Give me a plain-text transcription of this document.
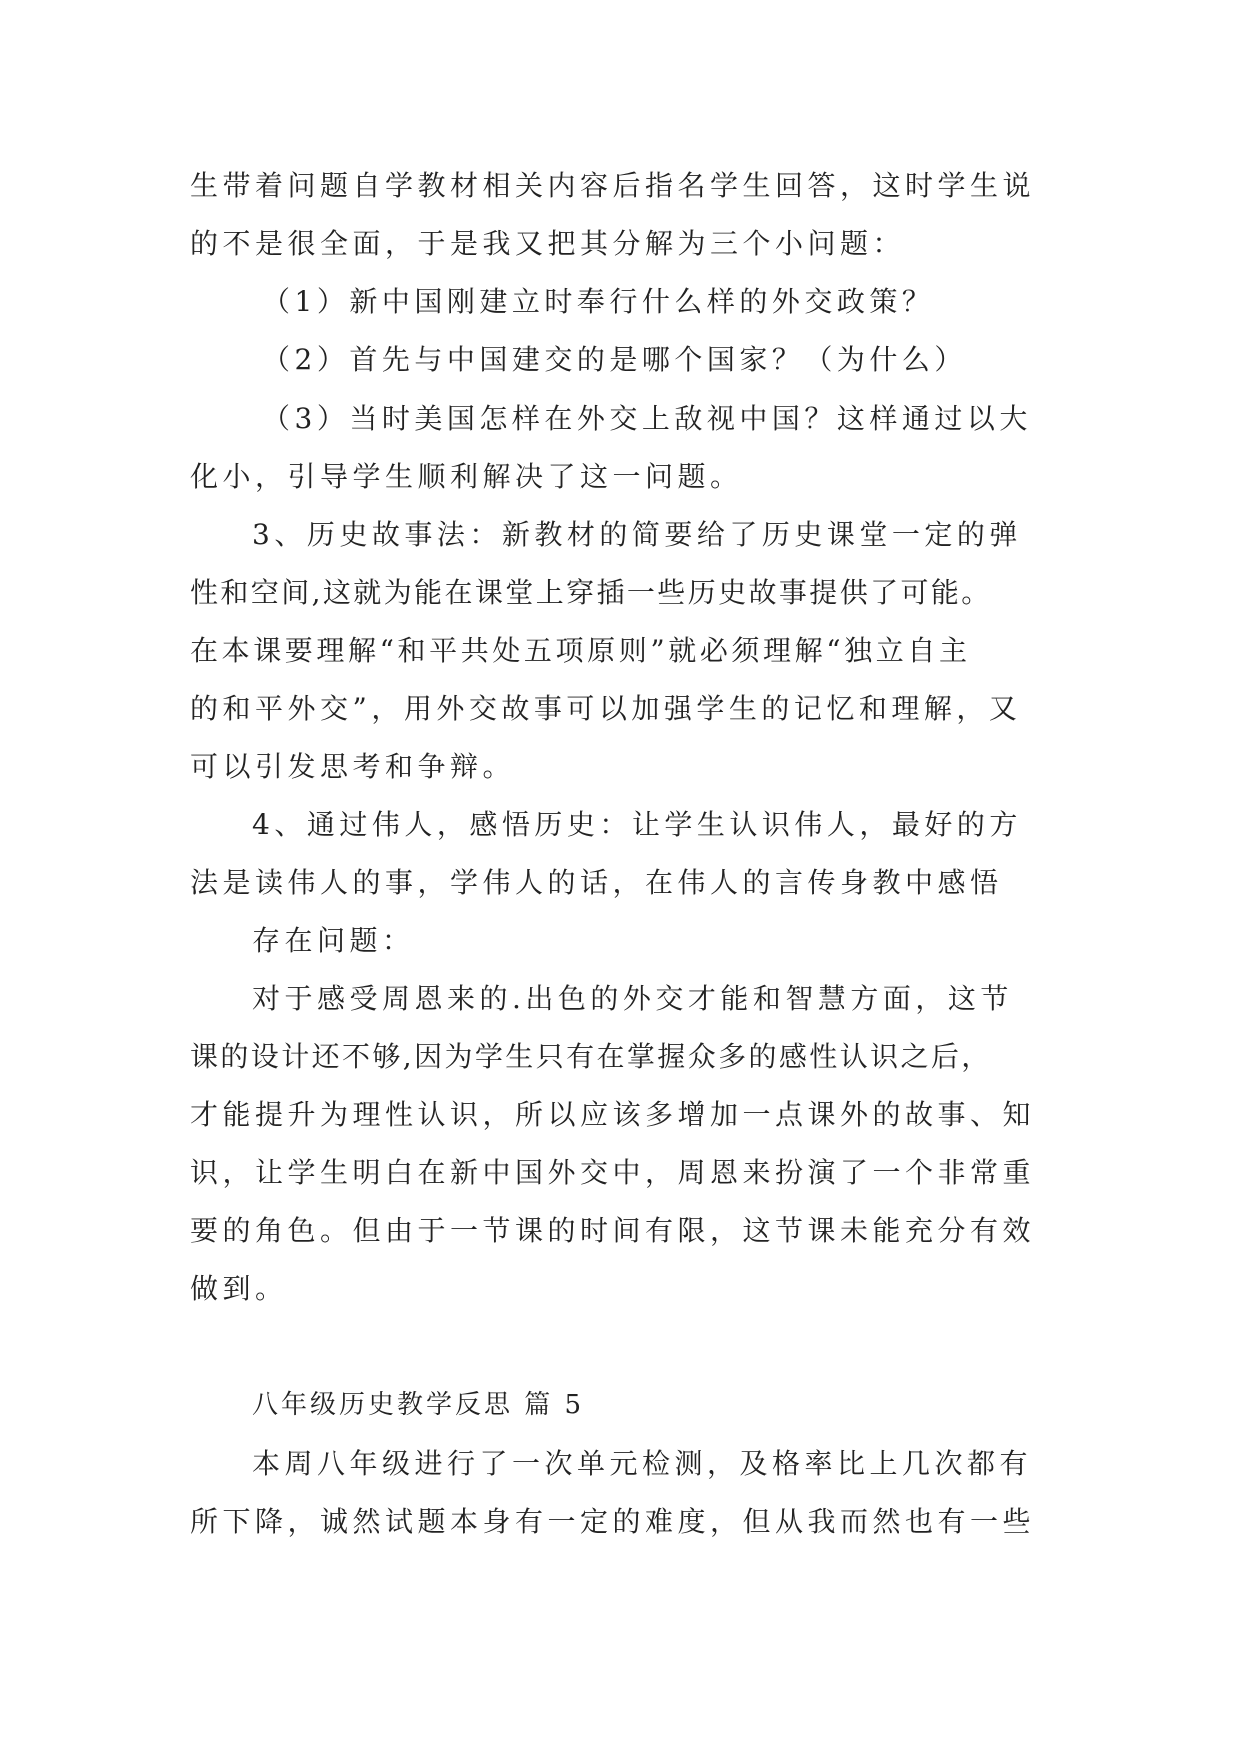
生带着问题自学教材相关内容后指名学生回答，这时学生说
的不是很全面，于是我又把其分解为三个小问题：
（1）新中国刚建立时奉行什么样的外交政策？
（2）首先与中国建交的是哪个国家？（为什么）
（3）当时美国怎样在外交上敌视中国？这样通过以大
化小，引导学生顺利解决了这一问题。
3、历史故事法：新教材的简要给了历史课堂一定的弹
性和空间,这就为能在课堂上穿插一些历史故事提供了可能。
在本课要理解“和平共处五项原则”就必须理解“独立自主
的和平外交”，用外交故事可以加强学生的记忆和理解，又
可以引发思考和争辩。
4、通过伟人，感悟历史：让学生认识伟人，最好的方
法是读伟人的事，学伟人的话，在伟人的言传身教中感悟
存在问题：
对于感受周恩来的.出色的外交才能和智慧方面，这节
课的设计还不够,因为学生只有在掌握众多的感性认识之后，
才能提升为理性认识，所以应该多增加一点课外的故事、知
识，让学生明白在新中国外交中，周恩来扮演了一个非常重
要的角色。但由于一节课的时间有限，这节课未能充分有效
做到。
八年级历史教学反思 篇 5
本周八年级进行了一次单元检测，及格率比上几次都有
所下降，诚然试题本身有一定的难度，但从我而然也有一些
